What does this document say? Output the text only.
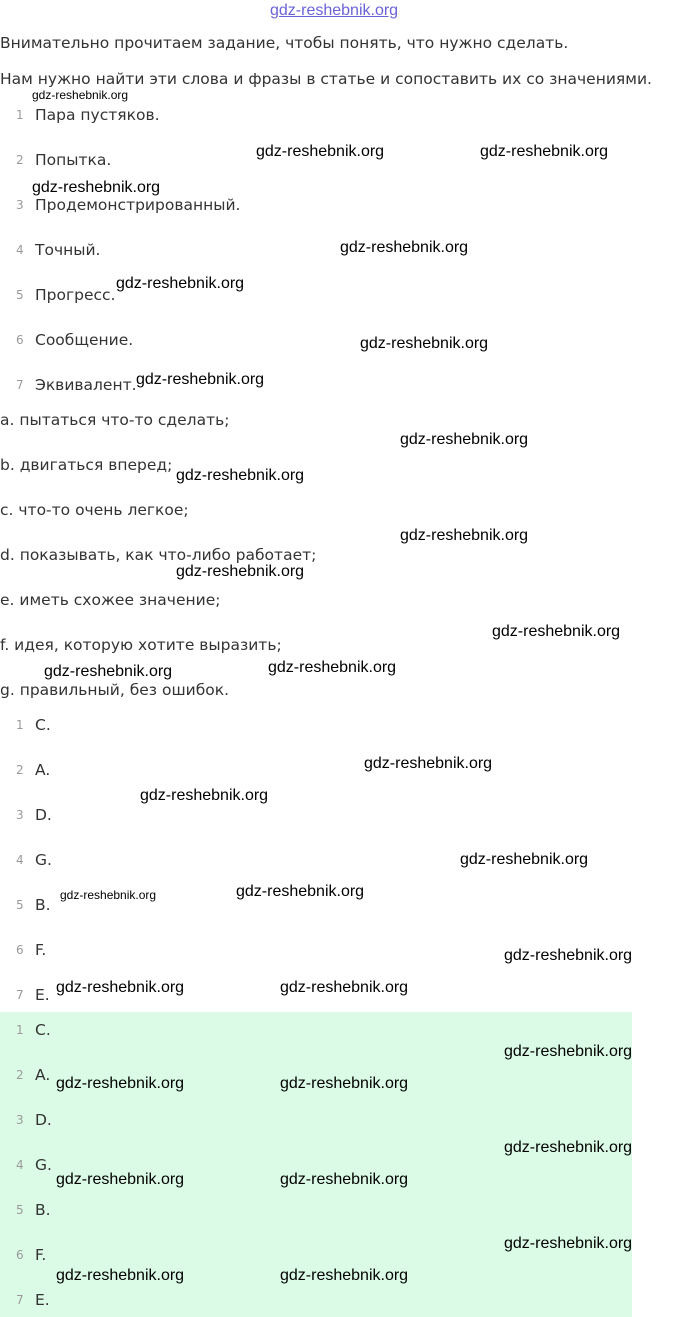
gdz-reshebnik.org
Внимательно прочитаем задание, чтобы понять, что нужно сделать.
Нам нужно найти эти слова и фразы в статье и сопоставить их со значениями.
1 Пара пустяков.
2 Попытка.
3 Продемонстрированный.
4 Точный.
5 Прогресс.
6 Сообщение.
7 Эквивалент.
a. пытаться что-то сделать;
b. двигаться вперед;
c. что-то очень легкое;
d. показывать, как что-либо работает;
e. иметь схожее значение;
f. идея, которую хотите выразить;
g. правильный, без ошибок.
1 C.
2 A.
3 D.
4 G.
5 B.
6 F.
7 E.
1 C.
2 A.
3 D.
4 G.
5 B.
6 F.
7 E.
gdz-reshebnik.org
gdz-reshebnik.org	gdz-reshebnik.org
gdz-reshebnik.org
gdz-reshebnik.org
gdz-reshebnik.org
gdz-reshebnik.org
gdz-reshebnik.org
gdz-reshebnik.org
gdz-reshebnik.org
gdz-reshebnik.org
gdz-reshebnik.org
gdz-reshebnik.org
gdz-reshebnik.org
gdz-reshebnik.org
gdz-reshebnik.org
gdz-reshebnik.org
gdz-reshebnik.org
gdz-reshebnik.org
gdz-reshebnik.org
gdz-reshebnik.org
gdz-reshebnik.org	gdz-reshebnik.org
gdz-reshebnik.org
gdz-reshebnik.org	gdz-reshebnik.org
gdz-reshebnik.org
gdz-reshebnik.org	gdz-reshebnik.org
gdz-reshebnik.org
gdz-reshebnik.org	gdz-reshebnik.org
